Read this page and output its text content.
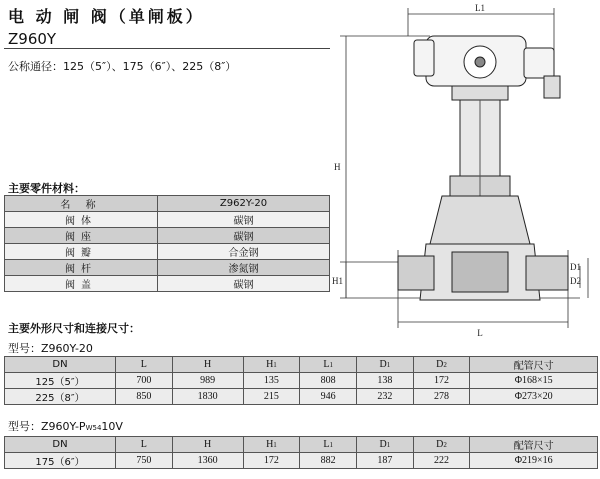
电 动 闸 阀（单闸板）
Z960Y
公称通径：125（5″）、175（6″）、225（8″）
主要零件材料：
名 称	Z962Y-20
阀体	碳钢
阀座	碳钢
阀瓣	合金钢
阀杆	渗氮钢
阀盖	碳钢
主要外形尺寸和连接尺寸：
型号：Z960Y-20
DN	L	H	H1	L1	D1	D2	配管尺寸
125（5″）	700	989	135	808	138	172	Φ168×15
225（8″）	850	1830	215	946	232	278	Φ273×20
型号：Z960Y-PW5410V
DN	L	H	H1	L1	D1	D2	配管尺寸
175（6″）	750	1360	172	882	187	222	Φ219×16
L1
H
H1
D1
D2
L
